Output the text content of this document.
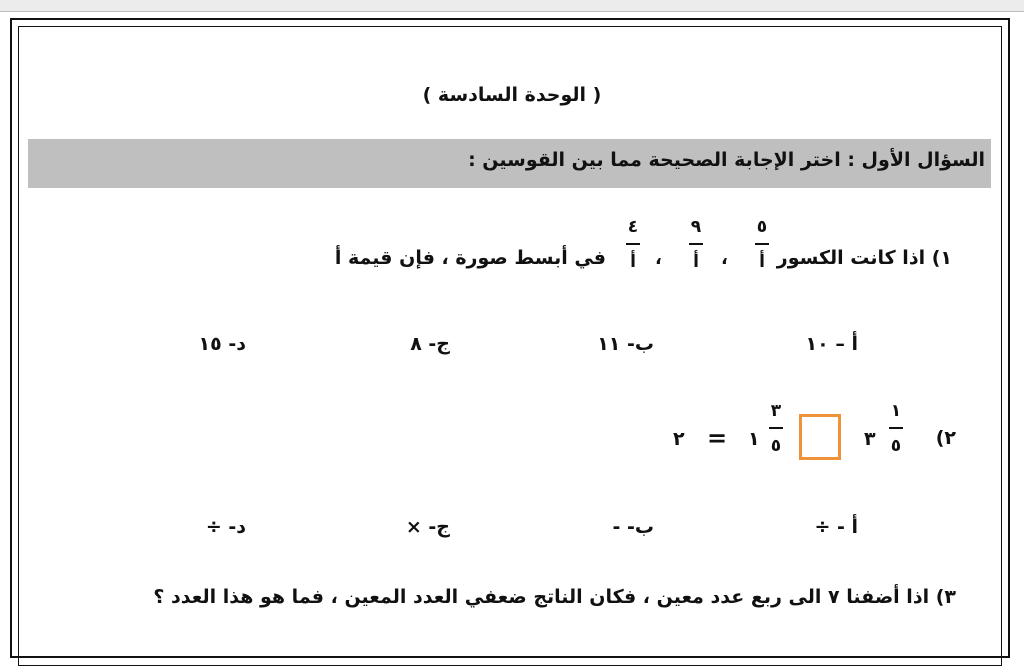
( الوحدة السادسة )
السؤال الأول : اختر الإجابة الصحيحة مما بين القوسين :
١) اذا كانت الكسور
٥
أ
،
٩
أ
،
٤
أ
في أبسط صورة ، فإن قيمة أ
أ – ١٠
ب- ١١
ج- ٨
د- ١٥
٢)
١
٥
٣
٣
٥
١
=
٢
أ - ÷
ب- -
ج- ×
د- ÷
٣) اذا أضفنا ٧ الى ربع عدد معين ، فكان الناتج ضعفي العدد المعين ، فما هو هذا العدد ؟
